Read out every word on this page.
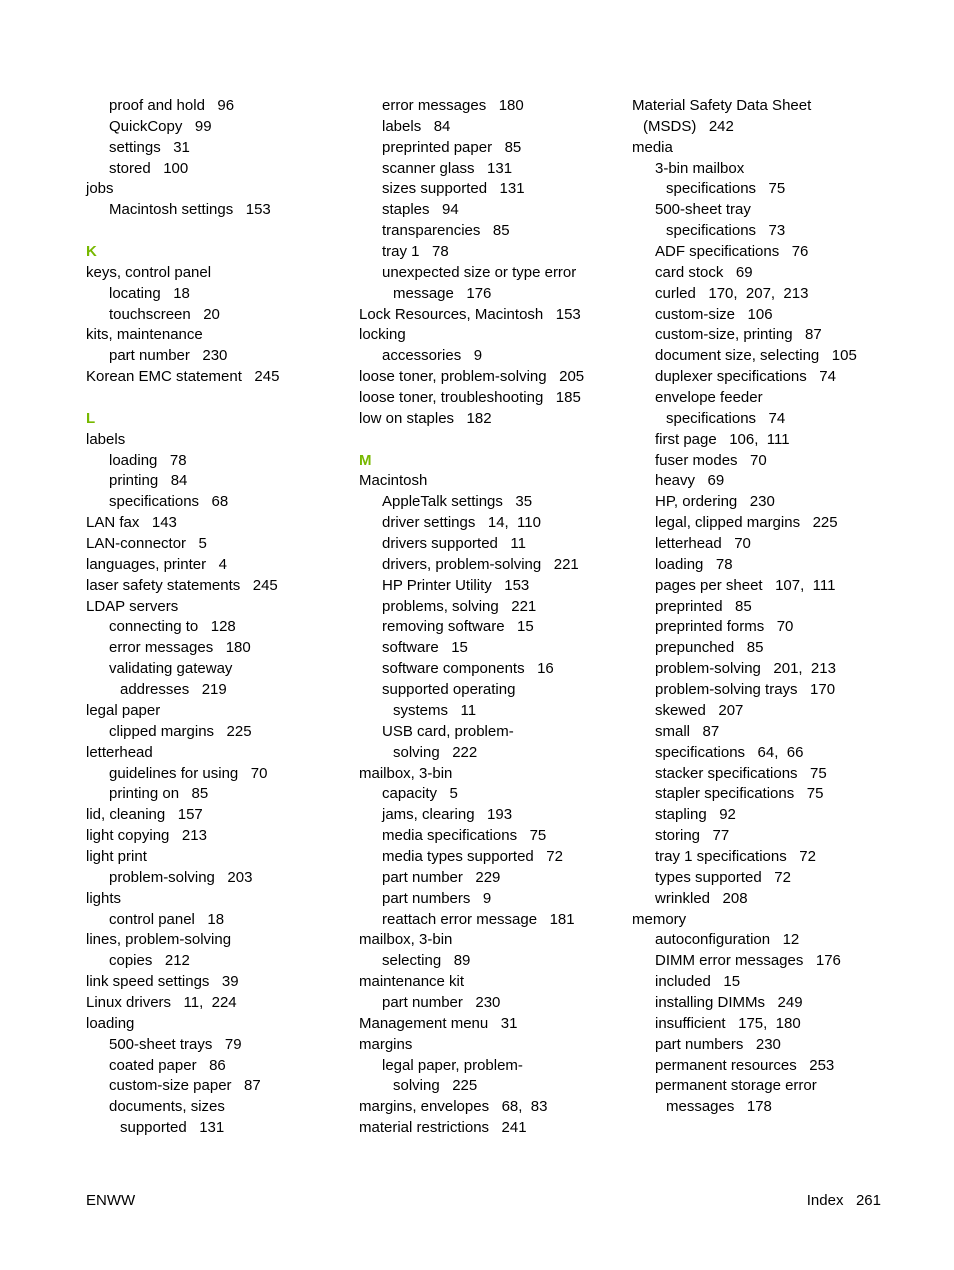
proof and hold   96
QuickCopy   99
settings   31
stored   100
jobs
Macintosh settings   153
K
keys, control panel
locating   18
touchscreen   20
kits, maintenance
part number   230
Korean EMC statement   245
L
labels
loading   78
printing   84
specifications   68
LAN fax   143
LAN-connector   5
languages, printer   4
laser safety statements   245
LDAP servers
connecting to   128
error messages   180
validating gateway
addresses   219
legal paper
clipped margins   225
letterhead
guidelines for using   70
printing on   85
lid, cleaning   157
light copying   213
light print
problem-solving   203
lights
control panel   18
lines, problem-solving
copies   212
link speed settings   39
Linux drivers   11,  224
loading
500-sheet trays   79
coated paper   86
custom-size paper   87
documents, sizes
supported   131
error messages   180
labels   84
preprinted paper   85
scanner glass   131
sizes supported   131
staples   94
transparencies   85
tray 1   78
unexpected size or type error
message   176
Lock Resources, Macintosh   153
locking
accessories   9
loose toner, problem-solving   205
loose toner, troubleshooting   185
low on staples   182
M
Macintosh
AppleTalk settings   35
driver settings   14,  110
drivers supported   11
drivers, problem-solving   221
HP Printer Utility   153
problems, solving   221
removing software   15
software   15
software components   16
supported operating
systems   11
USB card, problem-
solving   222
mailbox, 3-bin
capacity   5
jams, clearing   193
media specifications   75
media types supported   72
part number   229
part numbers   9
reattach error message   181
mailbox, 3-bin
selecting   89
maintenance kit
part number   230
Management menu   31
margins
legal paper, problem-
solving   225
margins, envelopes   68,  83
material restrictions   241
Material Safety Data Sheet
(MSDS)   242
media
3-bin mailbox
specifications   75
500-sheet tray
specifications   73
ADF specifications   76
card stock   69
curled   170,  207,  213
custom-size   106
custom-size, printing   87
document size, selecting   105
duplexer specifications   74
envelope feeder
specifications   74
first page   106,  111
fuser modes   70
heavy   69
HP, ordering   230
legal, clipped margins   225
letterhead   70
loading   78
pages per sheet   107,  111
preprinted   85
preprinted forms   70
prepunched   85
problem-solving   201,  213
problem-solving trays   170
skewed   207
small   87
specifications   64,  66
stacker specifications   75
stapler specifications   75
stapling   92
storing   77
tray 1 specifications   72
types supported   72
wrinkled   208
memory
autoconfiguration   12
DIMM error messages   176
included   15
installing DIMMs   249
insufficient   175,  180
part numbers   230
permanent resources   253
permanent storage error
messages   178
ENWW	Index   261
